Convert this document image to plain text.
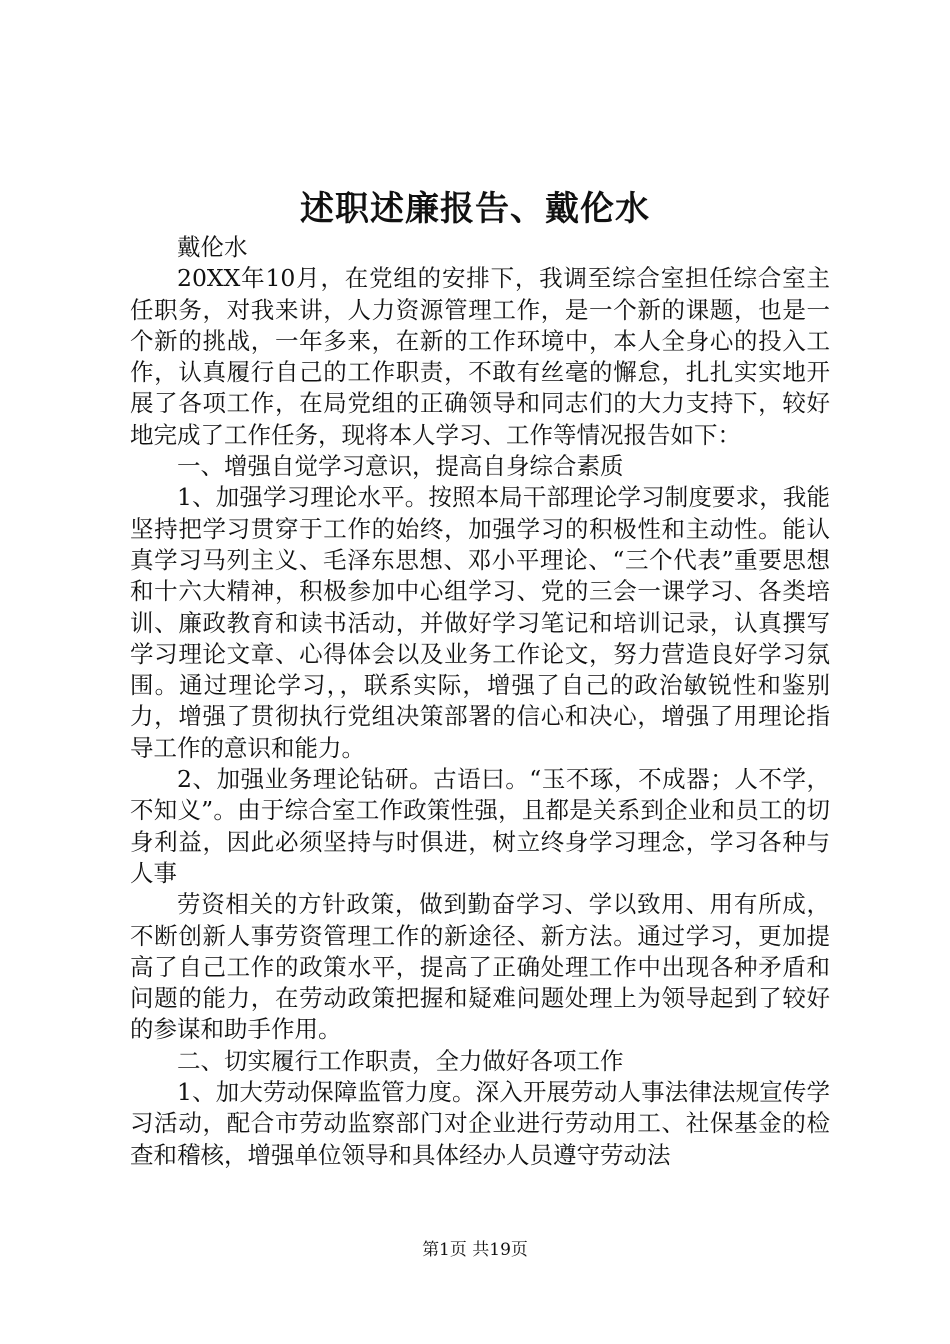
述职述廉报告、戴伦水

戴伦水

20XX年10月，在党组的安排下，我调至综合室担任综合室主任职务，对我来讲，人力资源管理工作，是一个新的课题，也是一个新的挑战，一年多来，在新的工作环境中，本人全身心的投入工作，认真履行自己的工作职责，不敢有丝毫的懈怠，扎扎实实地开展了各项工作，在局党组的正确领导和同志们的大力支持下，较好地完成了工作任务，现将本人学习、工作等情况报告如下：

一、增强自觉学习意识，提高自身综合素质

1、加强学习理论水平。按照本局干部理论学习制度要求，我能坚持把学习贯穿于工作的始终，加强学习的积极性和主动性。能认真学习马列主义、毛泽东思想、邓小平理论、“三个代表”重要思想和十六大精神，积极参加中心组学习、党的三会一课学习、各类培训、廉政教育和读书活动，并做好学习笔记和培训记录，认真撰写学习理论文章、心得体会以及业务工作论文，努力营造良好学习氛围。通过理论学习，，联系实际，增强了自己的政治敏锐性和鉴别力，增强了贯彻执行党组决策部署的信心和决心，增强了用理论指导工作的意识和能力。

2、加强业务理论钻研。古语曰。“玉不琢，不成器；人不学，不知义”。由于综合室工作政策性强，且都是关系到企业和员工的切身利益，因此必须坚持与时俱进，树立终身学习理念，学习各种与人事

劳资相关的方针政策，做到勤奋学习、学以致用、用有所成，不断创新人事劳资管理工作的新途径、新方法。通过学习，更加提高了自己工作的政策水平，提高了正确处理工作中出现各种矛盾和问题的能力，在劳动政策把握和疑难问题处理上为领导起到了较好的参谋和助手作用。

二、切实履行工作职责，全力做好各项工作

1、加大劳动保障监管力度。深入开展劳动人事法律法规宣传学习活动，配合市劳动监察部门对企业进行劳动用工、社保基金的检查和稽核，增强单位领导和具体经办人员遵守劳动法

第1页 共19页
